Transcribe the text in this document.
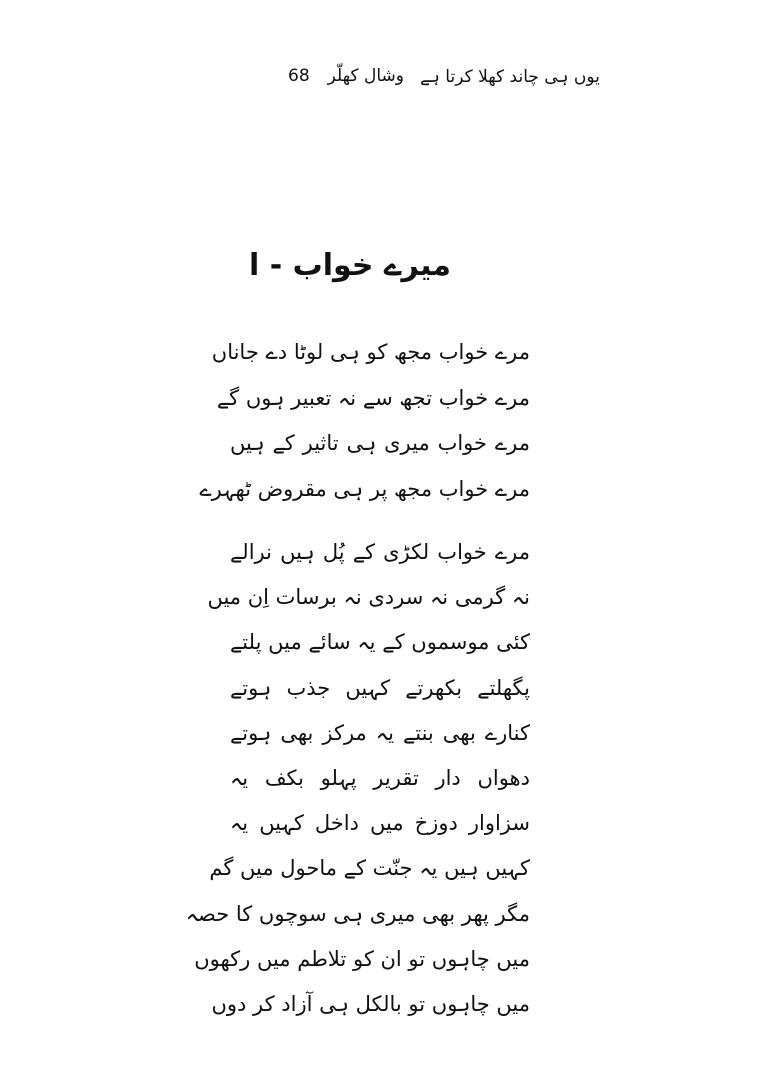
68 وشال کھلّر یوں ہی چاند کھلا کرتا ہے
میرے خواب - ا
مرے خواب مجھ کو ہی لوٹا دے جاناں
مرے خواب تجھ سے نہ تعبیر ہوں گے
مرے خواب میری ہی تاثیر کے ہیں
مرے خواب مجھ پر ہی مقروض ٹھہرے
مرے خواب لکڑی کے پُل ہیں نرالے
نہ گرمی نہ سردی نہ برسات اِن میں
کئی موسموں کے یہ سائے میں پلتے
پگھلتے بکھرتے کہیں جذب ہوتے
کنارے بھی بنتے یہ مرکز بھی ہوتے
دھواں دار تقریر پہلو بکف یہ
سزاوار دوزخ میں داخل کہیں یہ
کہیں ہیں یہ جنّت کے ماحول میں گم
مگر پھر بھی میری ہی سوچوں کا حصہ
میں چاہوں تو ان کو تلاطم میں رکھوں
میں چاہوں تو بالکل ہی آزاد کر دوں
